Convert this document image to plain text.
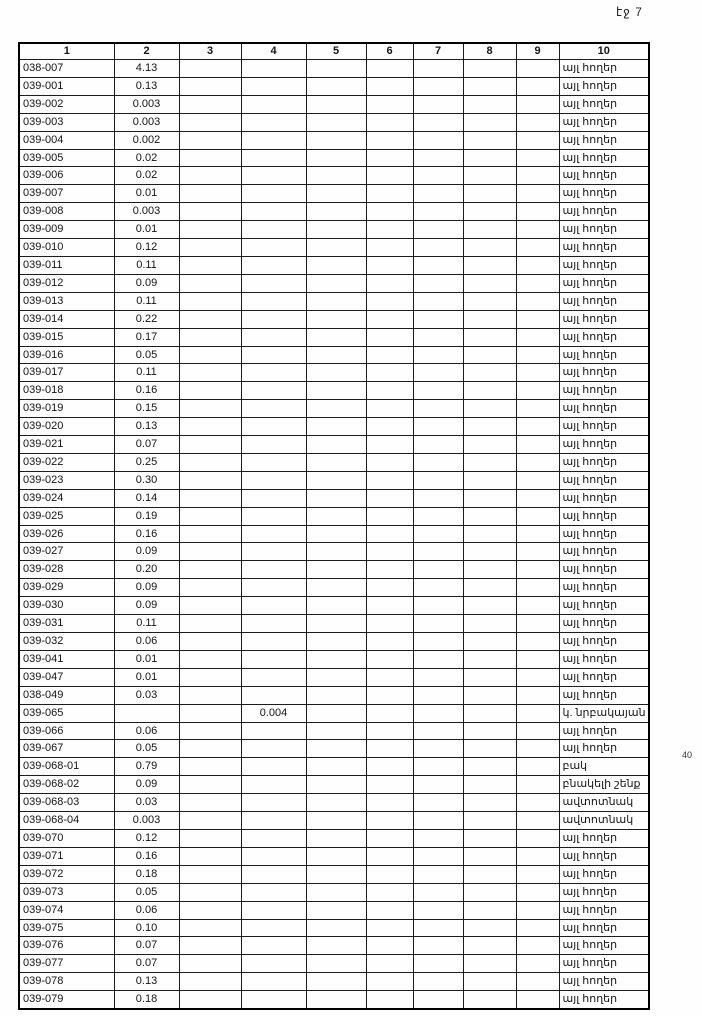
էջ 7
40
1	2	3	4	5	6	7	8	9	10
038-007	4.13								այլ հողեր
039-001	0.13								այլ հողեր
039-002	0.003								այլ հողեր
039-003	0.003								այլ հողեր
039-004	0.002								այլ հողեր
039-005	0.02								այլ հողեր
039-006	0.02								այլ հողեր
039-007	0.01								այլ հողեր
039-008	0.003								այլ հողեր
039-009	0.01								այլ հողեր
039-010	0.12								այլ հողեր
039-011	0.11								այլ հողեր
039-012	0.09								այլ հողեր
039-013	0.11								այլ հողեր
039-014	0.22								այլ հողեր
039-015	0.17								այլ հողեր
039-016	0.05								այլ հողեր
039-017	0.11								այլ հողեր
039-018	0.16								այլ հողեր
039-019	0.15								այլ հողեր
039-020	0.13								այլ հողեր
039-021	0.07								այլ հողեր
039-022	0.25								այլ հողեր
039-023	0.30								այլ հողեր
039-024	0.14								այլ հողեր
039-025	0.19								այլ հողեր
039-026	0.16								այլ հողեր
039-027	0.09								այլ հողեր
039-028	0.20								այլ հողեր
039-029	0.09								այլ հողեր
039-030	0.09								այլ հողեր
039-031	0.11								այլ հողեր
039-032	0.06								այլ հողեր
039-041	0.01								այլ հողեր
039-047	0.01								այլ հողեր
038-049	0.03								այլ հողեր
039-065			0.004						կ. նրբակայան
039-066	0.06								այլ հողեր
039-067	0.05								այլ հողեր
039-068-01	0.79								բակ
039-068-02	0.09								բնակելի շենք
039-068-03	0.03								ավտոտնակ
039-068-04	0.003								ավտոտնակ
039-070	0.12								այլ հողեր
039-071	0.16								այլ հողեր
039-072	0.18								այլ հողեր
039-073	0.05								այլ հողեր
039-074	0.06								այլ հողեր
039-075	0.10								այլ հողեր
039-076	0.07								այլ հողեր
039-077	0.07								այլ հողեր
039-078	0.13								այլ հողեր
039-079	0.18								այլ հողեր
